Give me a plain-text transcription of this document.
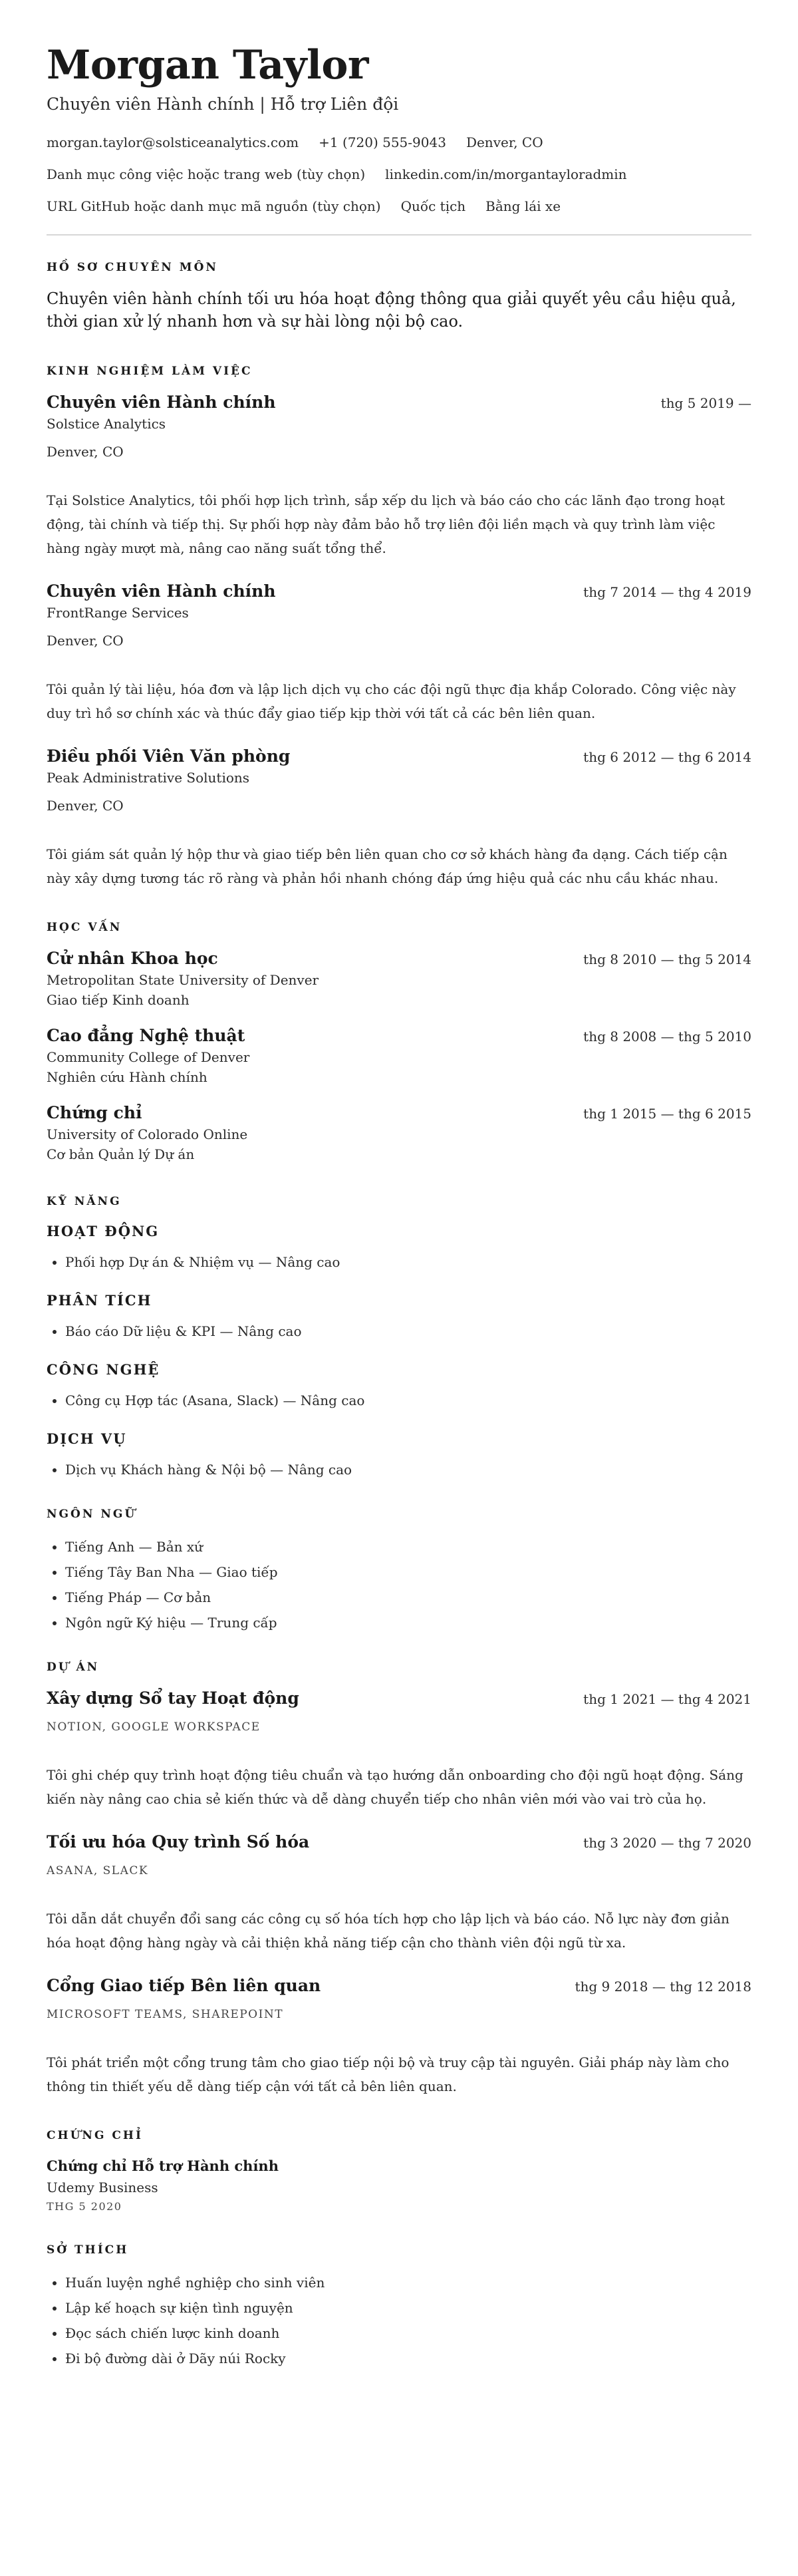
Morgan Taylor
Chuyên viên Hành chính | Hỗ trợ Liên đội
morgan.taylor@solsticeanalytics.com +1 (720) 555-9043 Denver, CO
Danh mục công việc hoặc trang web (tùy chọn) linkedin.com/in/morgantayloradmin
URL GitHub hoặc danh mục mã nguồn (tùy chọn) Quốc tịch Bằng lái xe
HỒ SƠ CHUYÊN MÔN
Chuyên viên hành chính tối ưu hóa hoạt động thông qua giải quyết yêu cầu hiệu quả, thời gian xử lý nhanh hơn và sự hài lòng nội bộ cao.
KINH NGHIỆM LÀM VIỆC
Chuyên viên Hành chính	thg 5 2019 —
Solstice Analytics
Denver, CO
Tại Solstice Analytics, tôi phối hợp lịch trình, sắp xếp du lịch và báo cáo cho các lãnh đạo trong hoạt động, tài chính và tiếp thị. Sự phối hợp này đảm bảo hỗ trợ liên đội liền mạch và quy trình làm việc hàng ngày mượt mà, nâng cao năng suất tổng thể.
Chuyên viên Hành chính	thg 7 2014 — thg 4 2019
FrontRange Services
Denver, CO
Tôi quản lý tài liệu, hóa đơn và lập lịch dịch vụ cho các đội ngũ thực địa khắp Colorado. Công việc này duy trì hồ sơ chính xác và thúc đẩy giao tiếp kịp thời với tất cả các bên liên quan.
Điều phối Viên Văn phòng	thg 6 2012 — thg 6 2014
Peak Administrative Solutions
Denver, CO
Tôi giám sát quản lý hộp thư và giao tiếp bên liên quan cho cơ sở khách hàng đa dạng. Cách tiếp cận này xây dựng tương tác rõ ràng và phản hồi nhanh chóng đáp ứng hiệu quả các nhu cầu khác nhau.
HỌC VẤN
Cử nhân Khoa học	thg 8 2010 — thg 5 2014
Metropolitan State University of Denver
Giao tiếp Kinh doanh
Cao đẳng Nghệ thuật	thg 8 2008 — thg 5 2010
Community College of Denver
Nghiên cứu Hành chính
Chứng chỉ	thg 1 2015 — thg 6 2015
University of Colorado Online
Cơ bản Quản lý Dự án
KỸ NĂNG
HOẠT ĐỘNG
• Phối hợp Dự án & Nhiệm vụ — Nâng cao
PHÂN TÍCH
• Báo cáo Dữ liệu & KPI — Nâng cao
CÔNG NGHỆ
• Công cụ Hợp tác (Asana, Slack) — Nâng cao
DỊCH VỤ
• Dịch vụ Khách hàng & Nội bộ — Nâng cao
NGÔN NGỮ
• Tiếng Anh — Bản xứ
• Tiếng Tây Ban Nha — Giao tiếp
• Tiếng Pháp — Cơ bản
• Ngôn ngữ Ký hiệu — Trung cấp
DỰ ÁN
Xây dựng Sổ tay Hoạt động	thg 1 2021 — thg 4 2021
NOTION, GOOGLE WORKSPACE
Tôi ghi chép quy trình hoạt động tiêu chuẩn và tạo hướng dẫn onboarding cho đội ngũ hoạt động. Sáng kiến này nâng cao chia sẻ kiến thức và dễ dàng chuyển tiếp cho nhân viên mới vào vai trò của họ.
Tối ưu hóa Quy trình Số hóa	thg 3 2020 — thg 7 2020
ASANA, SLACK
Tôi dẫn dắt chuyển đổi sang các công cụ số hóa tích hợp cho lập lịch và báo cáo. Nỗ lực này đơn giản hóa hoạt động hàng ngày và cải thiện khả năng tiếp cận cho thành viên đội ngũ từ xa.
Cổng Giao tiếp Bên liên quan	thg 9 2018 — thg 12 2018
MICROSOFT TEAMS, SHAREPOINT
Tôi phát triển một cổng trung tâm cho giao tiếp nội bộ và truy cập tài nguyên. Giải pháp này làm cho thông tin thiết yếu dễ dàng tiếp cận với tất cả bên liên quan.
CHỨNG CHỈ
Chứng chỉ Hỗ trợ Hành chính
Udemy Business
THG 5 2020
SỞ THÍCH
• Huấn luyện nghề nghiệp cho sinh viên
• Lập kế hoạch sự kiện tình nguyện
• Đọc sách chiến lược kinh doanh
• Đi bộ đường dài ở Dãy núi Rocky
